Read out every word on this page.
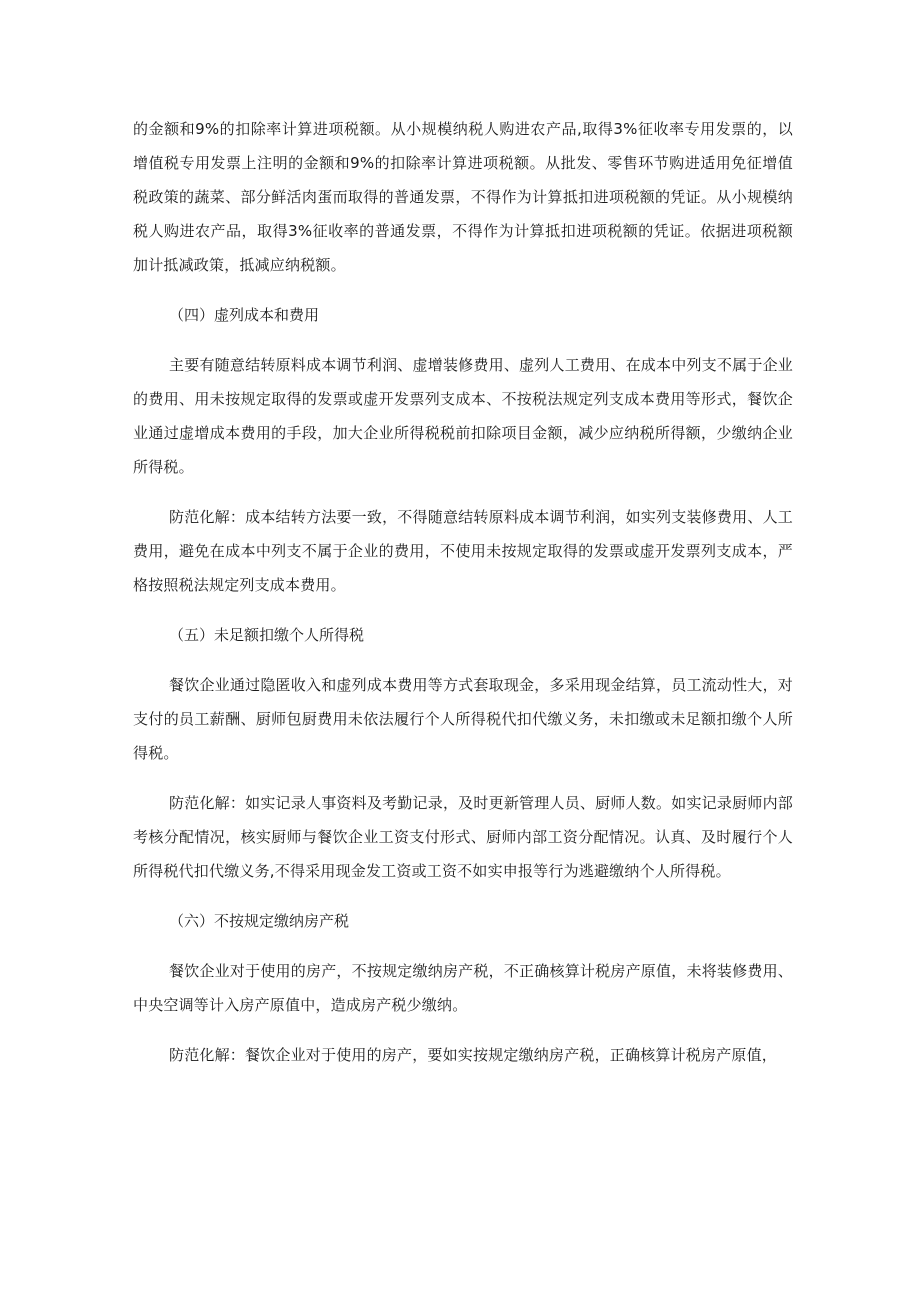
的金额和9%的扣除率计算进项税额。从小规模纳税人购进农产品,取得3%征收率专用发票的，以增值税专用发票上注明的金额和9%的扣除率计算进项税额。从批发、零售环节购进适用免征增值税政策的蔬菜、部分鲜活肉蛋而取得的普通发票，不得作为计算抵扣进项税额的凭证。从小规模纳税人购进农产品，取得3%征收率的普通发票，不得作为计算抵扣进项税额的凭证。依据进项税额加计抵减政策，抵减应纳税额。

（四）虚列成本和费用

主要有随意结转原料成本调节利润、虚增装修费用、虚列人工费用、在成本中列支不属于企业的费用、用未按规定取得的发票或虚开发票列支成本、不按税法规定列支成本费用等形式，餐饮企业通过虚增成本费用的手段，加大企业所得税税前扣除项目金额，减少应纳税所得额，少缴纳企业所得税。

防范化解：成本结转方法要一致，不得随意结转原料成本调节利润，如实列支装修费用、人工费用，避免在成本中列支不属于企业的费用，不使用未按规定取得的发票或虚开发票列支成本，严格按照税法规定列支成本费用。

（五）未足额扣缴个人所得税

餐饮企业通过隐匿收入和虚列成本费用等方式套取现金，多采用现金结算，员工流动性大，对支付的员工薪酬、厨师包厨费用未依法履行个人所得税代扣代缴义务，未扣缴或未足额扣缴个人所得税。

防范化解：如实记录人事资料及考勤记录，及时更新管理人员、厨师人数。如实记录厨师内部考核分配情况，核实厨师与餐饮企业工资支付形式、厨师内部工资分配情况。认真、及时履行个人所得税代扣代缴义务,不得采用现金发工资或工资不如实申报等行为逃避缴纳个人所得税。

（六）不按规定缴纳房产税

餐饮企业对于使用的房产，不按规定缴纳房产税，不正确核算计税房产原值，未将装修费用、中央空调等计入房产原值中，造成房产税少缴纳。

防范化解：餐饮企业对于使用的房产，要如实按规定缴纳房产税，正确核算计税房产原值，
